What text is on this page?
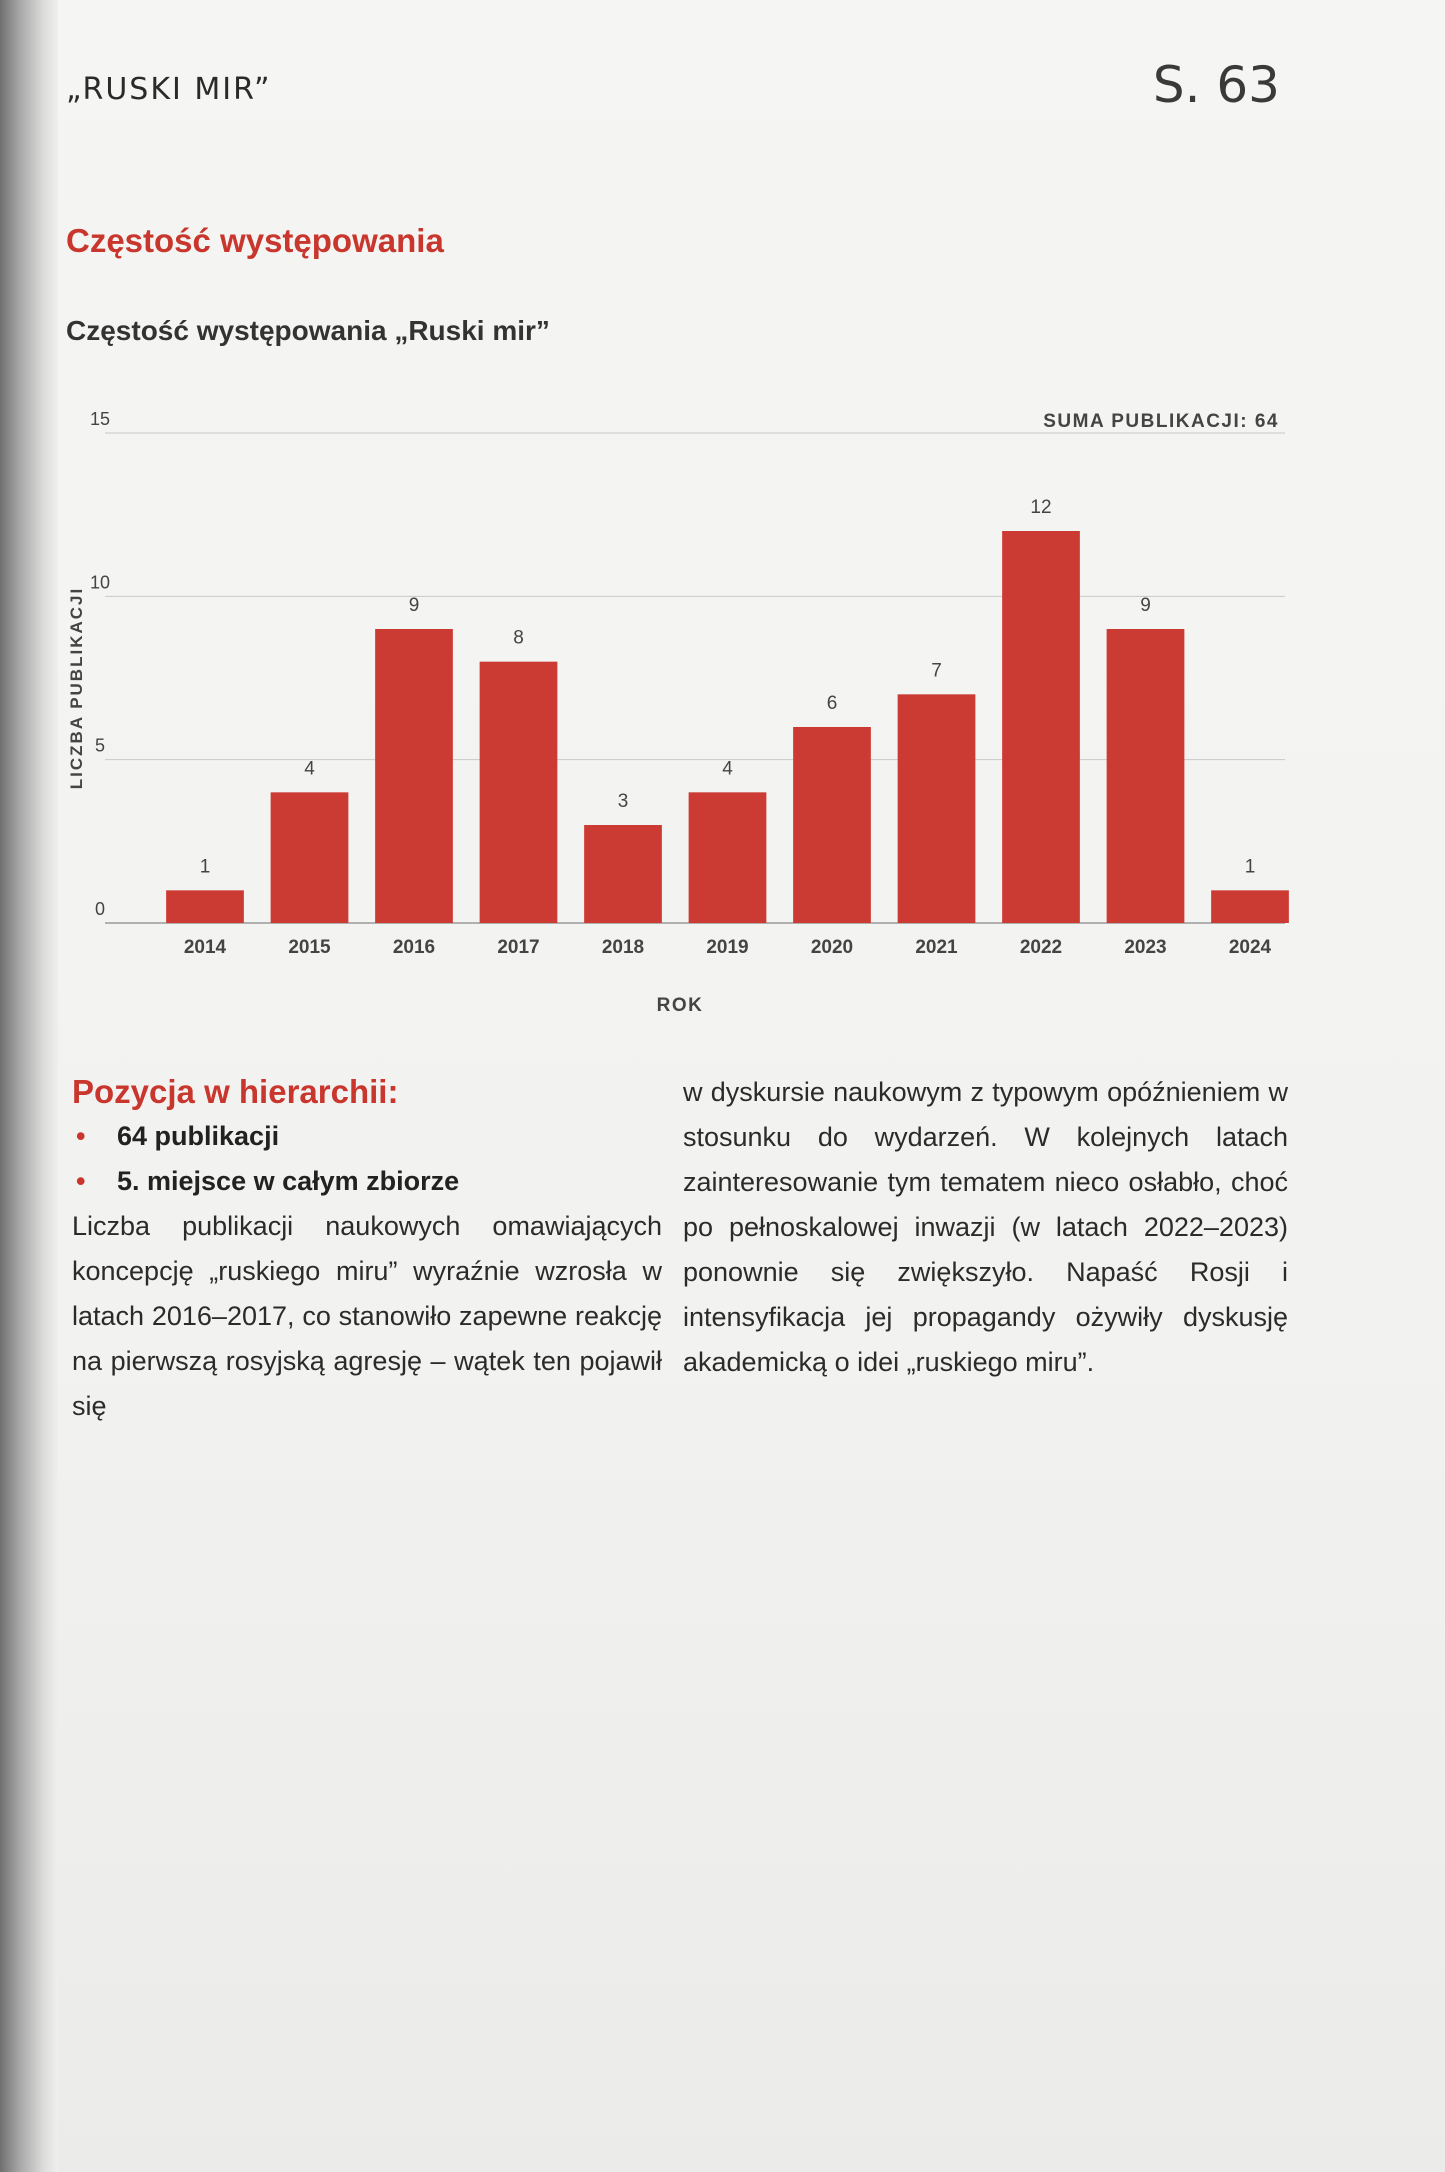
„RUSKI MIR”	S. 63
Częstość występowania
Częstość występowania „Ruski mir”
0
5
10
15
LICZBA PUBLIKACJI
SUMA PUBLIKACJI: 64
1
2014
4
2015
9
2016
8
2017
3
2018
4
2019
6
2020
7
2021
12
2022
9
2023
1
2024
ROK
Pozycja w hierarchii:
• 64 publikacji
• 5. miejsce w całym zbiorze

Liczba publikacji naukowych omawiających koncepcję „ruskiego miru” wyraźnie wzrosła w latach 2016–2017, co stanowiło zapewne reakcję na pierwszą rosyjską agresję – wątek ten pojawił się

w dyskursie naukowym z typowym opóźnieniem w stosunku do wydarzeń. W kolejnych latach zainteresowanie tym tematem nieco osłabło, choć po pełnoskalowej inwazji (w latach 2022–2023) ponownie się zwiększyło. Napaść Rosji i intensyfikacja jej propagandy ożywiły dyskusję akademicką o idei „ruskiego miru”.
